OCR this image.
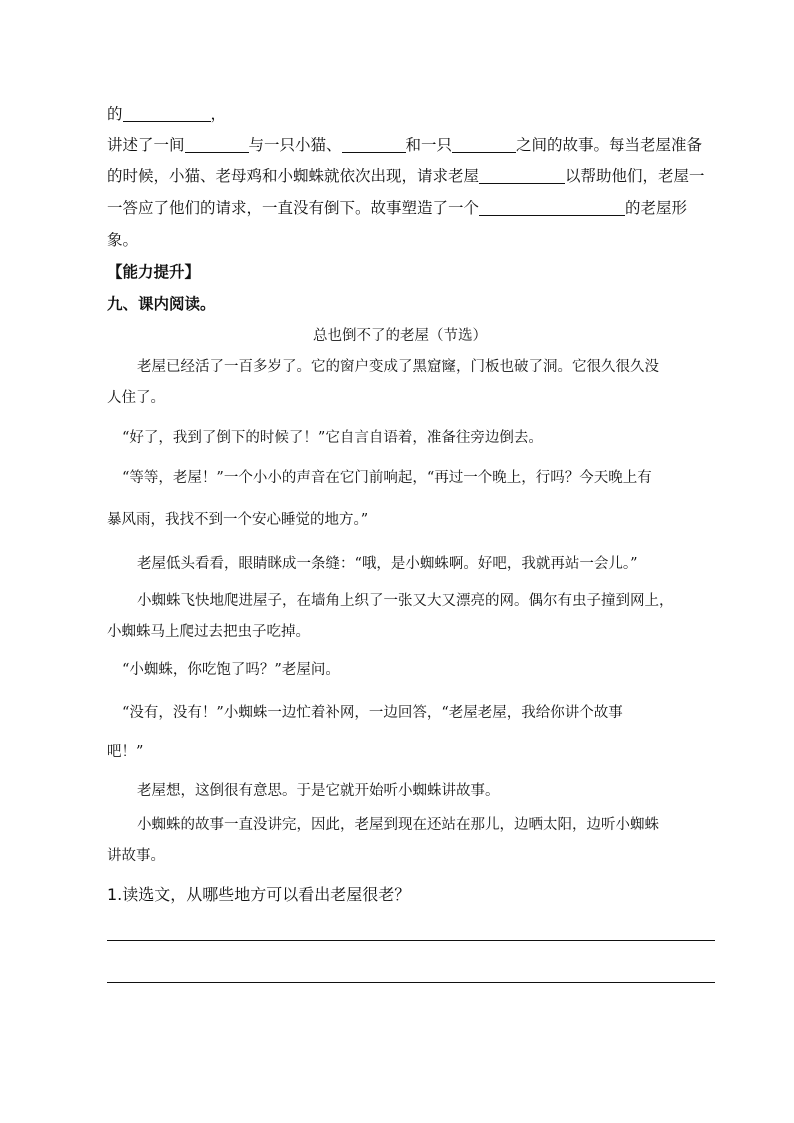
的	，
讲述了一间	与一只小猫、	和一只	之间的故事。每当老屋准备
的时候，小猫、老母鸡和小蜘蛛就依次出现，请求老屋	以帮助他们，老屋一
一答应了他们的请求，一直没有倒下。故事塑造了一个	的老屋形
象。
【能力提升】
九、课内阅读。
总也倒不了的老屋（节选）
老屋已经活了一百多岁了。它的窗户变成了黑窟窿，门板也破了洞。它很久很久没
人住了。
“好了，我到了倒下的时候了！”它自言自语着，准备往旁边倒去。
“等等，老屋！”一个小小的声音在它门前响起，“再过一个晚上，行吗？今天晚上有
暴风雨，我找不到一个安心睡觉的地方。”
老屋低头看看，眼睛眯成一条缝：“哦，是小蜘蛛啊。好吧，我就再站一会儿。”
小蜘蛛飞快地爬进屋子，在墙角上织了一张又大又漂亮的网。偶尔有虫子撞到网上，
小蜘蛛马上爬过去把虫子吃掉。
“小蜘蛛，你吃饱了吗？”老屋问。
“没有，没有！”小蜘蛛一边忙着补网，一边回答，“老屋老屋，我给你讲个故事
吧！”
老屋想，这倒很有意思。于是它就开始听小蜘蛛讲故事。
小蜘蛛的故事一直没讲完，因此，老屋到现在还站在那儿，边晒太阳，边听小蜘蛛
讲故事。
1.读选文，从哪些地方可以看出老屋很老？
